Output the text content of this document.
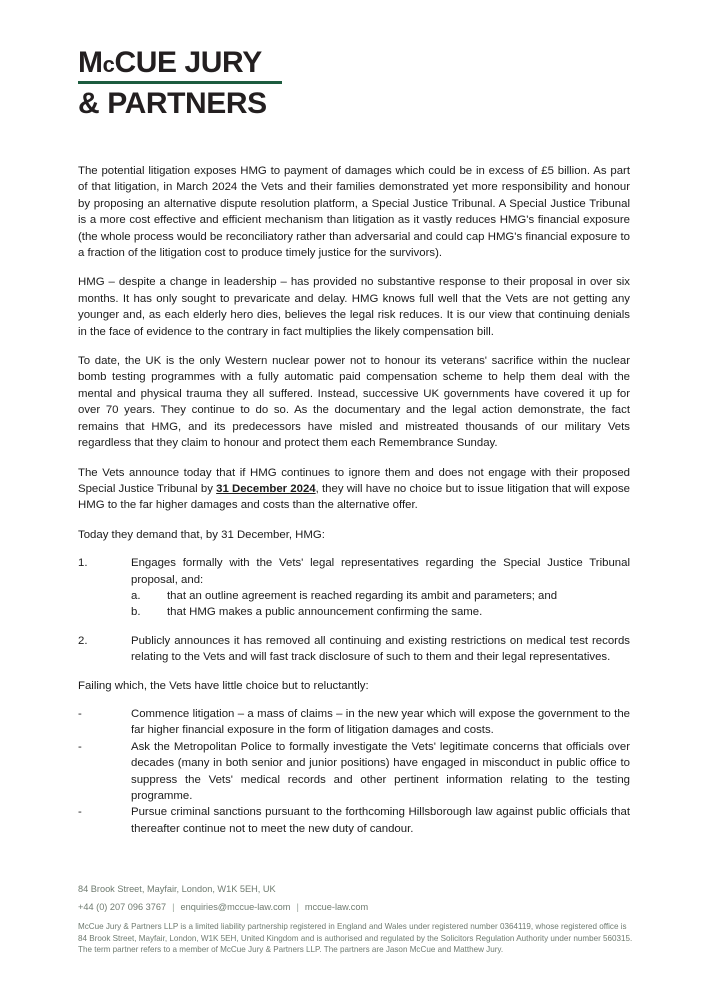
McCUE JURY
& PARTNERS

The potential litigation exposes HMG to payment of damages which could be in excess of £5 billion. As part of that litigation, in March 2024 the Vets and their families demonstrated yet more responsibility and honour by proposing an alternative dispute resolution platform, a Special Justice Tribunal. A Special Justice Tribunal is a more cost effective and efficient mechanism than litigation as it vastly reduces HMG's financial exposure (the whole process would be reconciliatory rather than adversarial and could cap HMG's financial exposure to a fraction of the litigation cost to produce timely justice for the survivors).

HMG – despite a change in leadership – has provided no substantive response to their proposal in over six months. It has only sought to prevaricate and delay. HMG knows full well that the Vets are not getting any younger and, as each elderly hero dies, believes the legal risk reduces. It is our view that continuing denials in the face of evidence to the contrary in fact multiplies the likely compensation bill.

To date, the UK is the only Western nuclear power not to honour its veterans' sacrifice within the nuclear bomb testing programmes with a fully automatic paid compensation scheme to help them deal with the mental and physical trauma they all suffered. Instead, successive UK governments have covered it up for over 70 years. They continue to do so. As the documentary and the legal action demonstrate, the fact remains that HMG, and its predecessors have misled and mistreated thousands of our military Vets regardless that they claim to honour and protect them each Remembrance Sunday.

The Vets announce today that if HMG continues to ignore them and does not engage with their proposed Special Justice Tribunal by 31 December 2024, they will have no choice but to issue litigation that will expose HMG to the far higher damages and costs than the alternative offer.

Today they demand that, by 31 December, HMG:

1.	Engages formally with the Vets' legal representatives regarding the Special Justice Tribunal proposal, and:
a.	that an outline agreement is reached regarding its ambit and parameters; and
b.	that HMG makes a public announcement confirming the same.
2.	Publicly announces it has removed all continuing and existing restrictions on medical test records relating to the Vets and will fast track disclosure of such to them and their legal representatives.

Failing which, the Vets have little choice but to reluctantly:

-	Commence litigation – a mass of claims – in the new year which will expose the government to the far higher financial exposure in the form of litigation damages and costs.
-	Ask the Metropolitan Police to formally investigate the Vets' legitimate concerns that officials over decades (many in both senior and junior positions) have engaged in misconduct in public office to suppress the Vets' medical records and other pertinent information relating to the testing programme.
-	Pursue criminal sanctions pursuant to the forthcoming Hillsborough law against public officials that thereafter continue not to meet the new duty of candour.
84 Brook Street, Mayfair, London, W1K 5EH, UK
+44 (0) 207 096 3767 | enquiries@mccue-law.com | mccue-law.com
McCue Jury & Partners LLP is a limited liability partnership registered in England and Wales under registered number 0364119, whose registered office is 84 Brook Street, Mayfair, London, W1K 5EH, United Kingdom and is authorised and regulated by the Solicitors Regulation Authority under number 560315. The term partner refers to a member of McCue Jury & Partners LLP. The partners are Jason McCue and Matthew Jury.
